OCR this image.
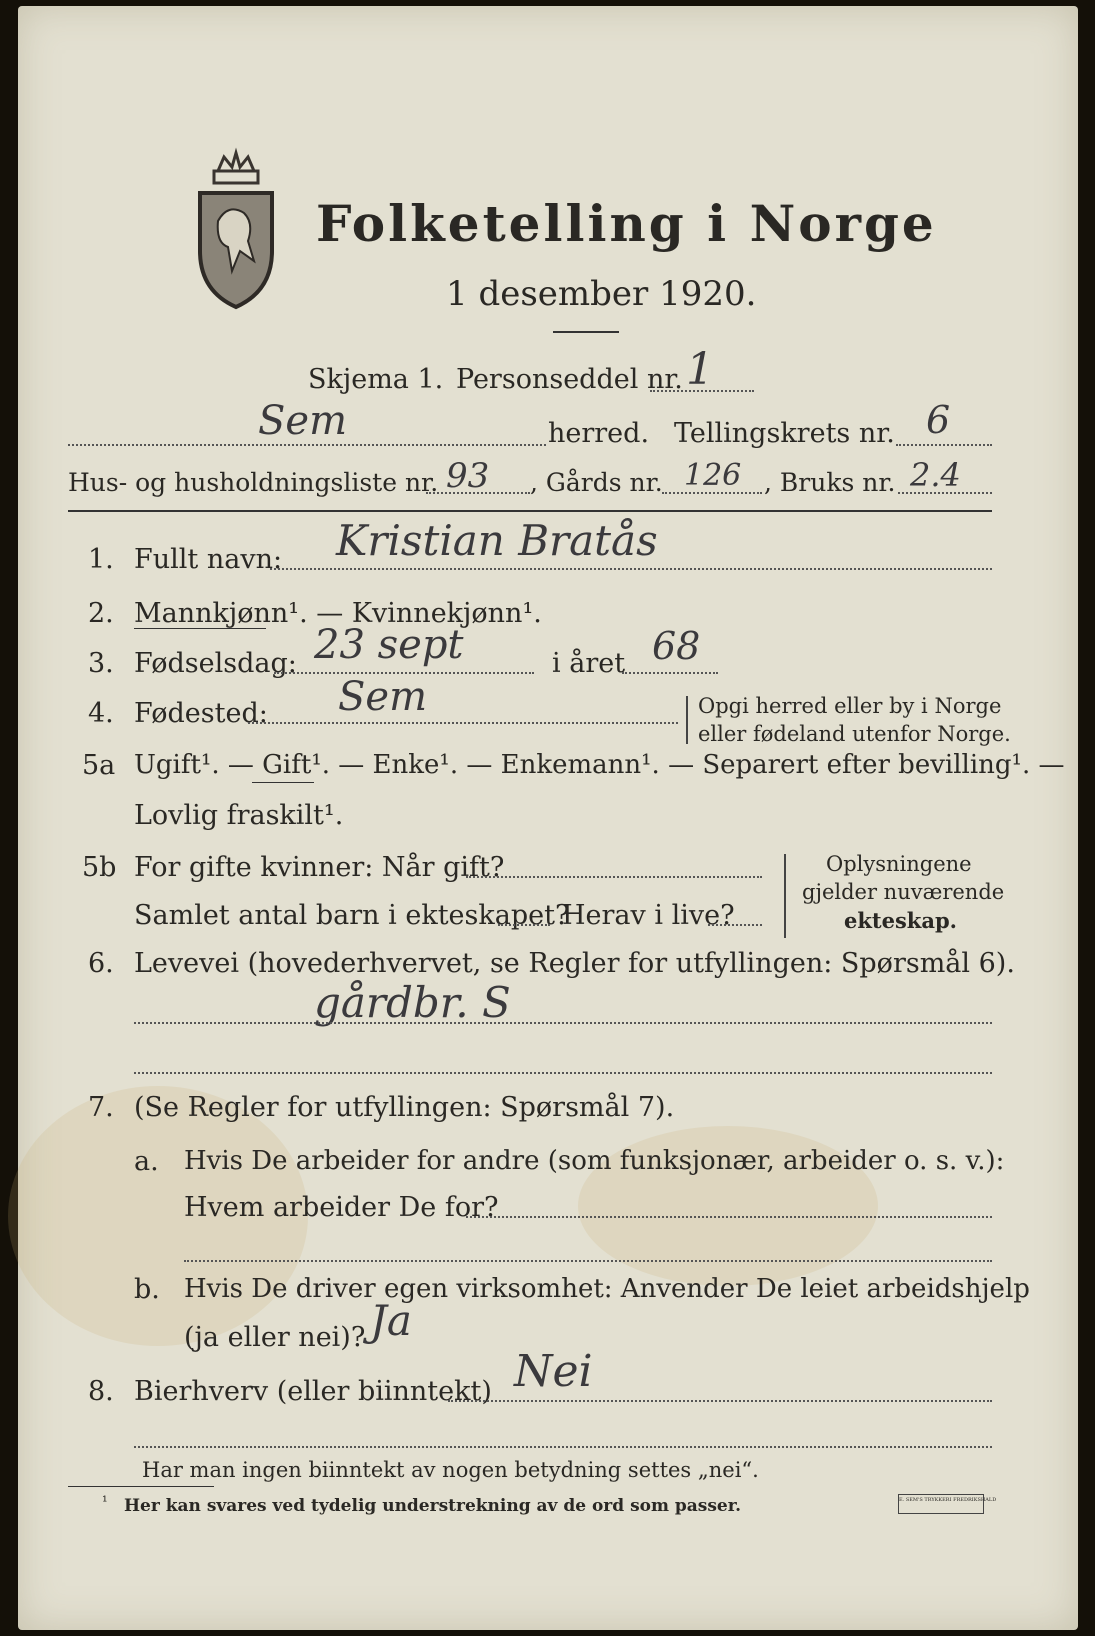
Folketelling i Norge
1 desember 1920.
Skjema 1. Personseddel nr. 1
Sem	herred. Tellingskrets nr. 6
Hus- og husholdningsliste nr. 93 , Gårds nr. 126 , Bruks nr. 2.4
1. Fullt navn: Kristian Bratås
2. Mannkjønn¹. — Kvinnekjønn¹.
3. Fødselsdag: 23 sept	i året 68
4. Fødested: Sem	Opgi herred eller by i Norge
eller fødeland utenfor Norge.
5a Ugift¹. — Gift¹. — Enke¹. — Enkemann¹. — Separert efter bevilling¹. —
Lovlig fraskilt¹.
5b For gifte kvinner: Når gift?
Samlet antal barn i ekteskapet?
Herav i live?
Oplysningene
gjelder nuværende
ekteskap.
6. Levevei (hovederhvervet, se Regler for utfyllingen: Spørsmål 6).
gårdbr. S
7. (Se Regler for utfyllingen: Spørsmål 7).
a. Hvis De arbeider for andre (som funksjonær, arbeider o. s. v.):
Hvem arbeider De for?
b. Hvis De driver egen virksomhet: Anvender De leiet arbeidshjelp
(ja eller nei)? Ja
8. Bierhverv (eller biinntekt) Nei
Har man ingen biinntekt av nogen betydning settes „nei“.
¹ Her kan svares ved tydelig understrekning av de ord som passer.	E. SEM'S TRYKKERI FREDRIKSHALD
